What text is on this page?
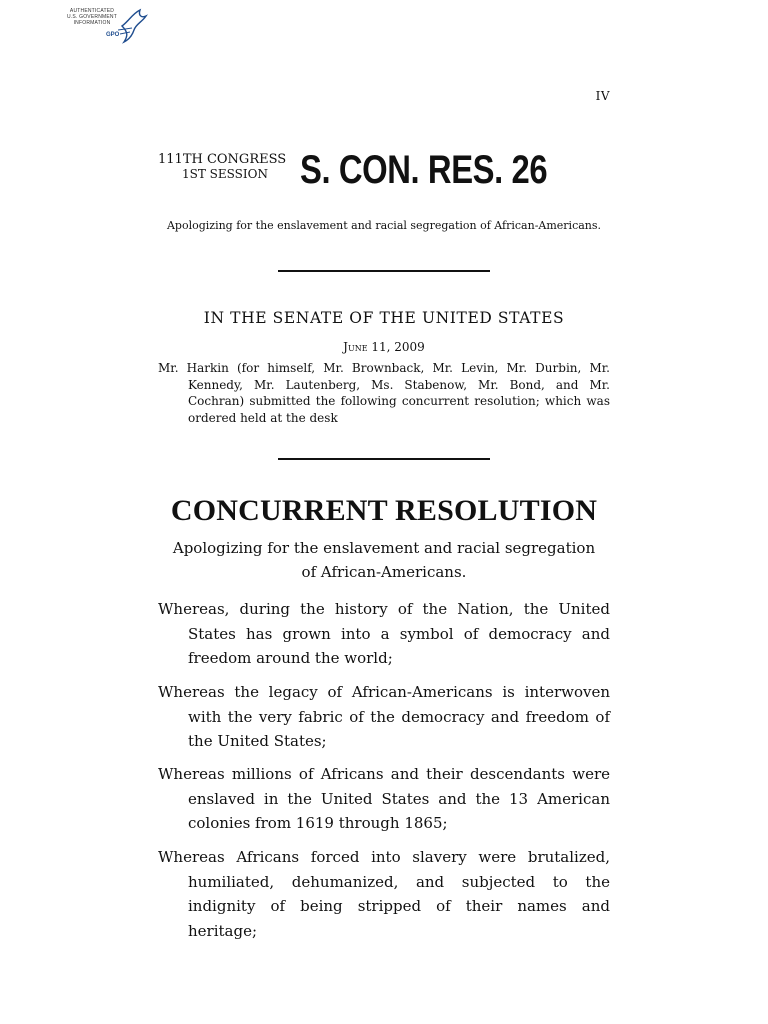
AUTHENTICATED
U.S. GOVERNMENT
INFORMATION
GPO
IV
111TH CONGRESS
1ST SESSION S. CON. RES. 26
Apologizing for the enslavement and racial segregation of African-Americans.
IN THE SENATE OF THE UNITED STATES
June 11, 2009
Mr. Harkin (for himself, Mr. Brownback, Mr. Levin, Mr. Durbin, Mr. Kennedy, Mr. Lautenberg, Ms. Stabenow, Mr. Bond, and Mr. Cochran) submitted the following concurrent resolution; which was ordered held at the desk
CONCURRENT RESOLUTION
Apologizing for the enslavement and racial segregation of African-Americans.
Whereas, during the history of the Nation, the United States has grown into a symbol of democracy and freedom around the world;
Whereas the legacy of African-Americans is interwoven with the very fabric of the democracy and freedom of the United States;
Whereas millions of Africans and their descendants were enslaved in the United States and the 13 American colonies from 1619 through 1865;
Whereas Africans forced into slavery were brutalized, humiliated, dehumanized, and subjected to the indignity of being stripped of their names and heritage;
